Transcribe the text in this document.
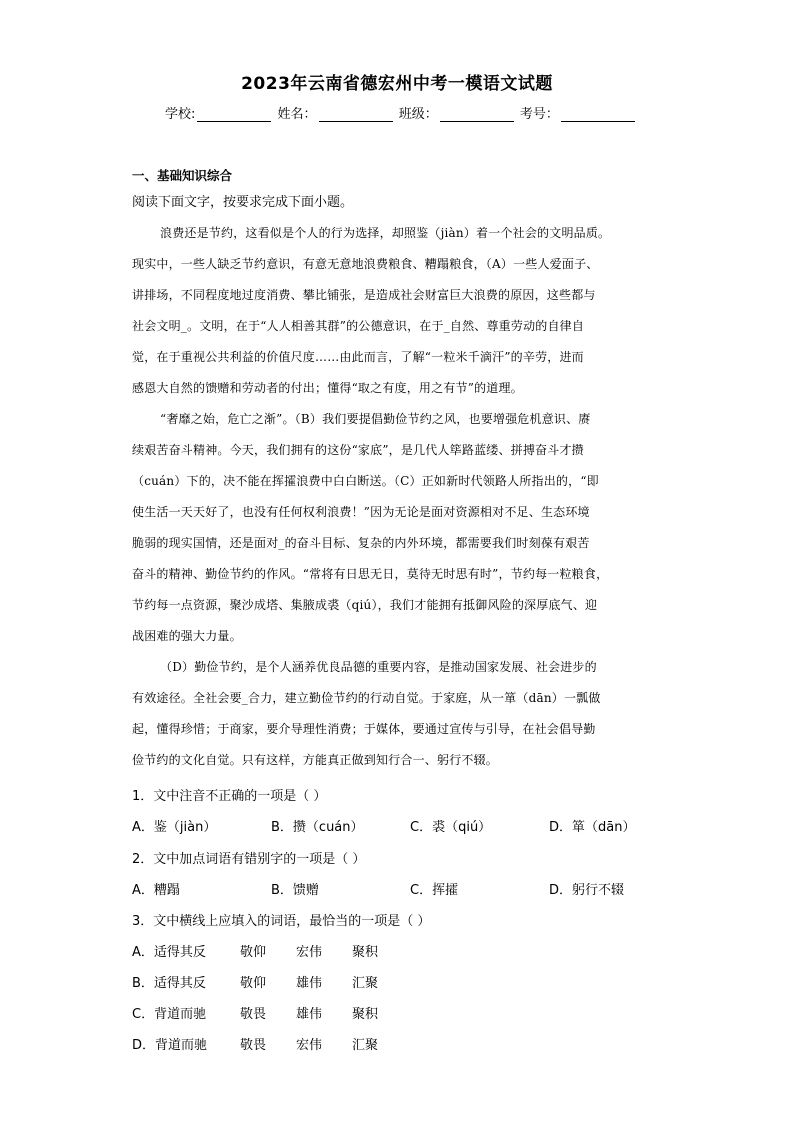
2023年云南省德宏州中考一模语文试题
学校:	姓名：	班级：	考号：
一、基础知识综合
阅读下面文字，按要求完成下面小题。

浪费还是节约，这看似是个人的行为选择，却照鉴（jiàn）着一个社会的文明品质。

现实中，一些人缺乏节约意识，有意无意地浪费粮食、糟蹋粮食，（A）一些人爱面子、

讲排场，不同程度地过度消费、攀比铺张，是造成社会财富巨大浪费的原因，这些都与

社会文明_。文明，在于“人人相善其群”的公德意识，在于_自然、尊重劳动的自律自

觉，在于重视公共利益的价值尺度……由此而言，了解“一粒米千滴汗”的辛劳，进而

感恩大自然的馈赠和劳动者的付出；懂得“取之有度，用之有节”的道理。

“奢靡之始，危亡之渐”。（B）我们要提倡勤俭节约之风，也要增强危机意识、赓

续艰苦奋斗精神。今天，我们拥有的这份“家底”，是几代人筚路蓝缕、拼搏奋斗才攒

（cuán）下的，决不能在挥攉浪费中白白断送。（C）正如新时代领路人所指出的，“即

使生活一天天好了，也没有任何权利浪费！”因为无论是面对资源相对不足、生态环境

脆弱的现实国情，还是面对_的奋斗目标、复杂的内外环境，都需要我们时刻葆有艰苦

奋斗的精神、勤俭节约的作风。“常将有日思无日，莫待无时思有时”，节约每一粒粮食，

节约每一点资源，聚沙成塔、集腋成裘（qiú），我们才能拥有抵御风险的深厚底气、迎

战困难的强大力量。

（D）勤俭节约，是个人涵养优良品德的重要内容，是推动国家发展、社会进步的

有效途径。全社会要_合力，建立勤俭节约的行动自觉。于家庭，从一箪（dān）一瓢做

起，懂得珍惜；于商家，要介导理性消费；于媒体，要通过宣传与引导，在社会倡导勤

俭节约的文化自觉。只有这样，方能真正做到知行合一、躬行不辍。

1．文中注音不正确的一项是（ ）
A．鉴（jiàn）	B．攒（cuán）	C．裘（qiú）	D．箪（dān）
2．文中加点词语有错别字的一项是（ ）
A．糟蹋	B．馈赠	C．挥攉	D．躬行不辍
3．文中横线上应填入的词语，最恰当的一项是（ ）
A．适得其反	敬仰 宏伟 聚积
B．适得其反	敬仰 雄伟 汇聚
C．背道而驰	敬畏 雄伟 聚积
D．背道而驰	敬畏 宏伟 汇聚
